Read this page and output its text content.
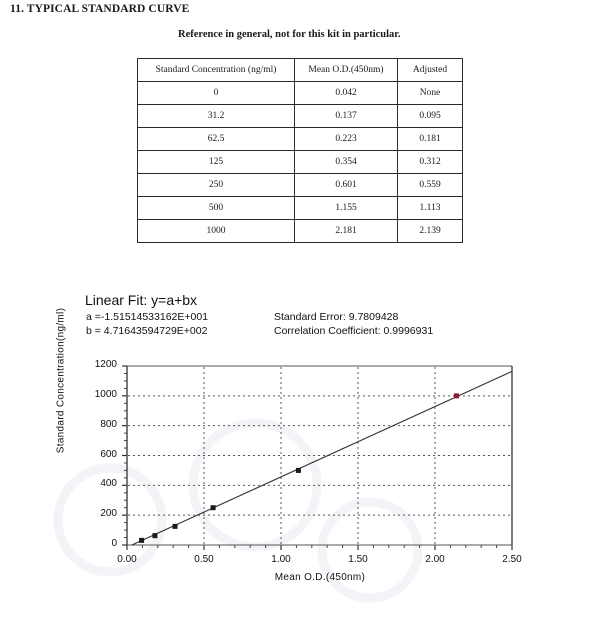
11. TYPICAL STANDARD CURVE
Reference in general, not for this kit in particular.
Standard Concentration (ng/ml)	Mean O.D.(450nm)	Adjusted
0	0.042	None
31.2	0.137	0.095
62.5	0.223	0.181
125	0.354	0.312
250	0.601	0.559
500	1.155	1.113
1000	2.181	2.139
Linear Fit: y=a+bx
a =-1.51514533162E+001
b = 4.71643594729E+002
Standard Error: 9.7809428
Correlation Coefficient: 0.9996931
Standard Concentration(ng/ml)
Mean O.D.(450nm)
0
200
400
600
800
1000
1200
0.00	0.50	1.00	1.50	2.00	2.50
